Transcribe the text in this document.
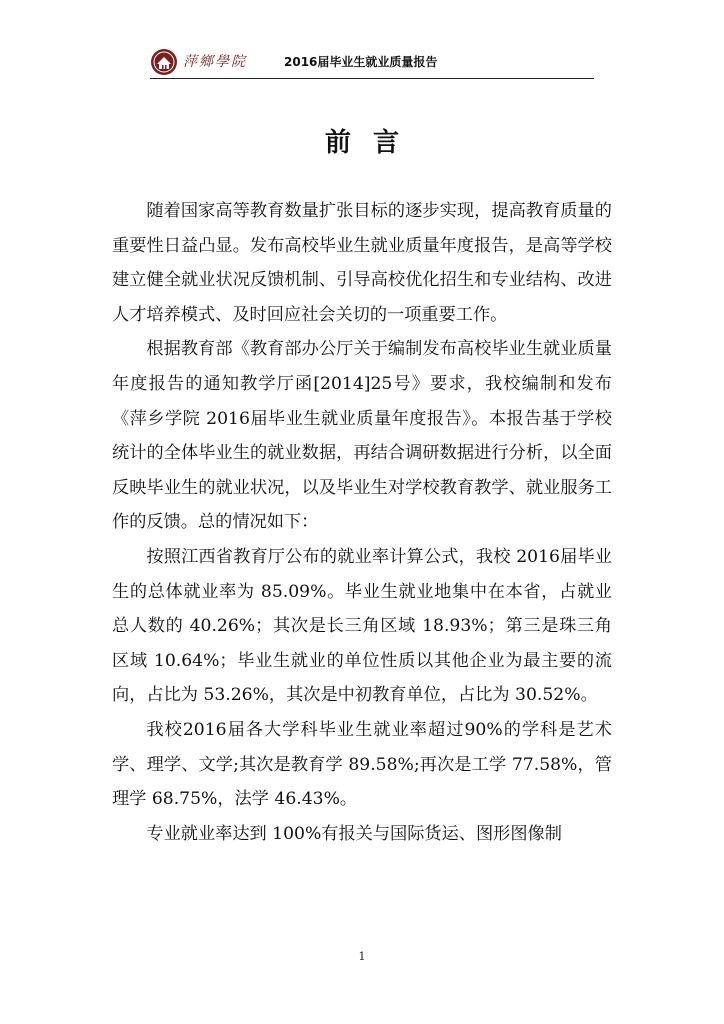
萍鄉學院	2016届毕业生就业质量报告
前言

随着国家高等教育数量扩张目标的逐步实现，提高教育质量的重要性日益凸显。发布高校毕业生就业质量年度报告，是高等学校建立健全就业状况反馈机制、引导高校优化招生和专业结构、改进人才培养模式、及时回应社会关切的一项重要工作。

根据教育部《教育部办公厅关于编制发布高校毕业生就业质量年度报告的通知教学厅函[2014]25号》要求，我校编制和发布《萍乡学院 2016届毕业生就业质量年度报告》。本报告基于学校统计的全体毕业生的就业数据，再结合调研数据进行分析，以全面反映毕业生的就业状况，以及毕业生对学校教育教学、就业服务工作的反馈。总的情况如下：

按照江西省教育厅公布的就业率计算公式，我校 2016届毕业生的总体就业率为 85.09%。毕业生就业地集中在本省，占就业总人数的 40.26%；其次是长三角区域 18.93%；第三是珠三角区域 10.64%；毕业生就业的单位性质以其他企业为最主要的流向，占比为 53.26%，其次是中初教育单位，占比为 30.52%。

我校2016届各大学科毕业生就业率超过90%的学科是艺术学、理学、文学;其次是教育学 89.58%;再次是工学 77.58%，管理学 68.75%，法学 46.43%。

专业就业率达到 100%有报关与国际货运、图形图像制

1
